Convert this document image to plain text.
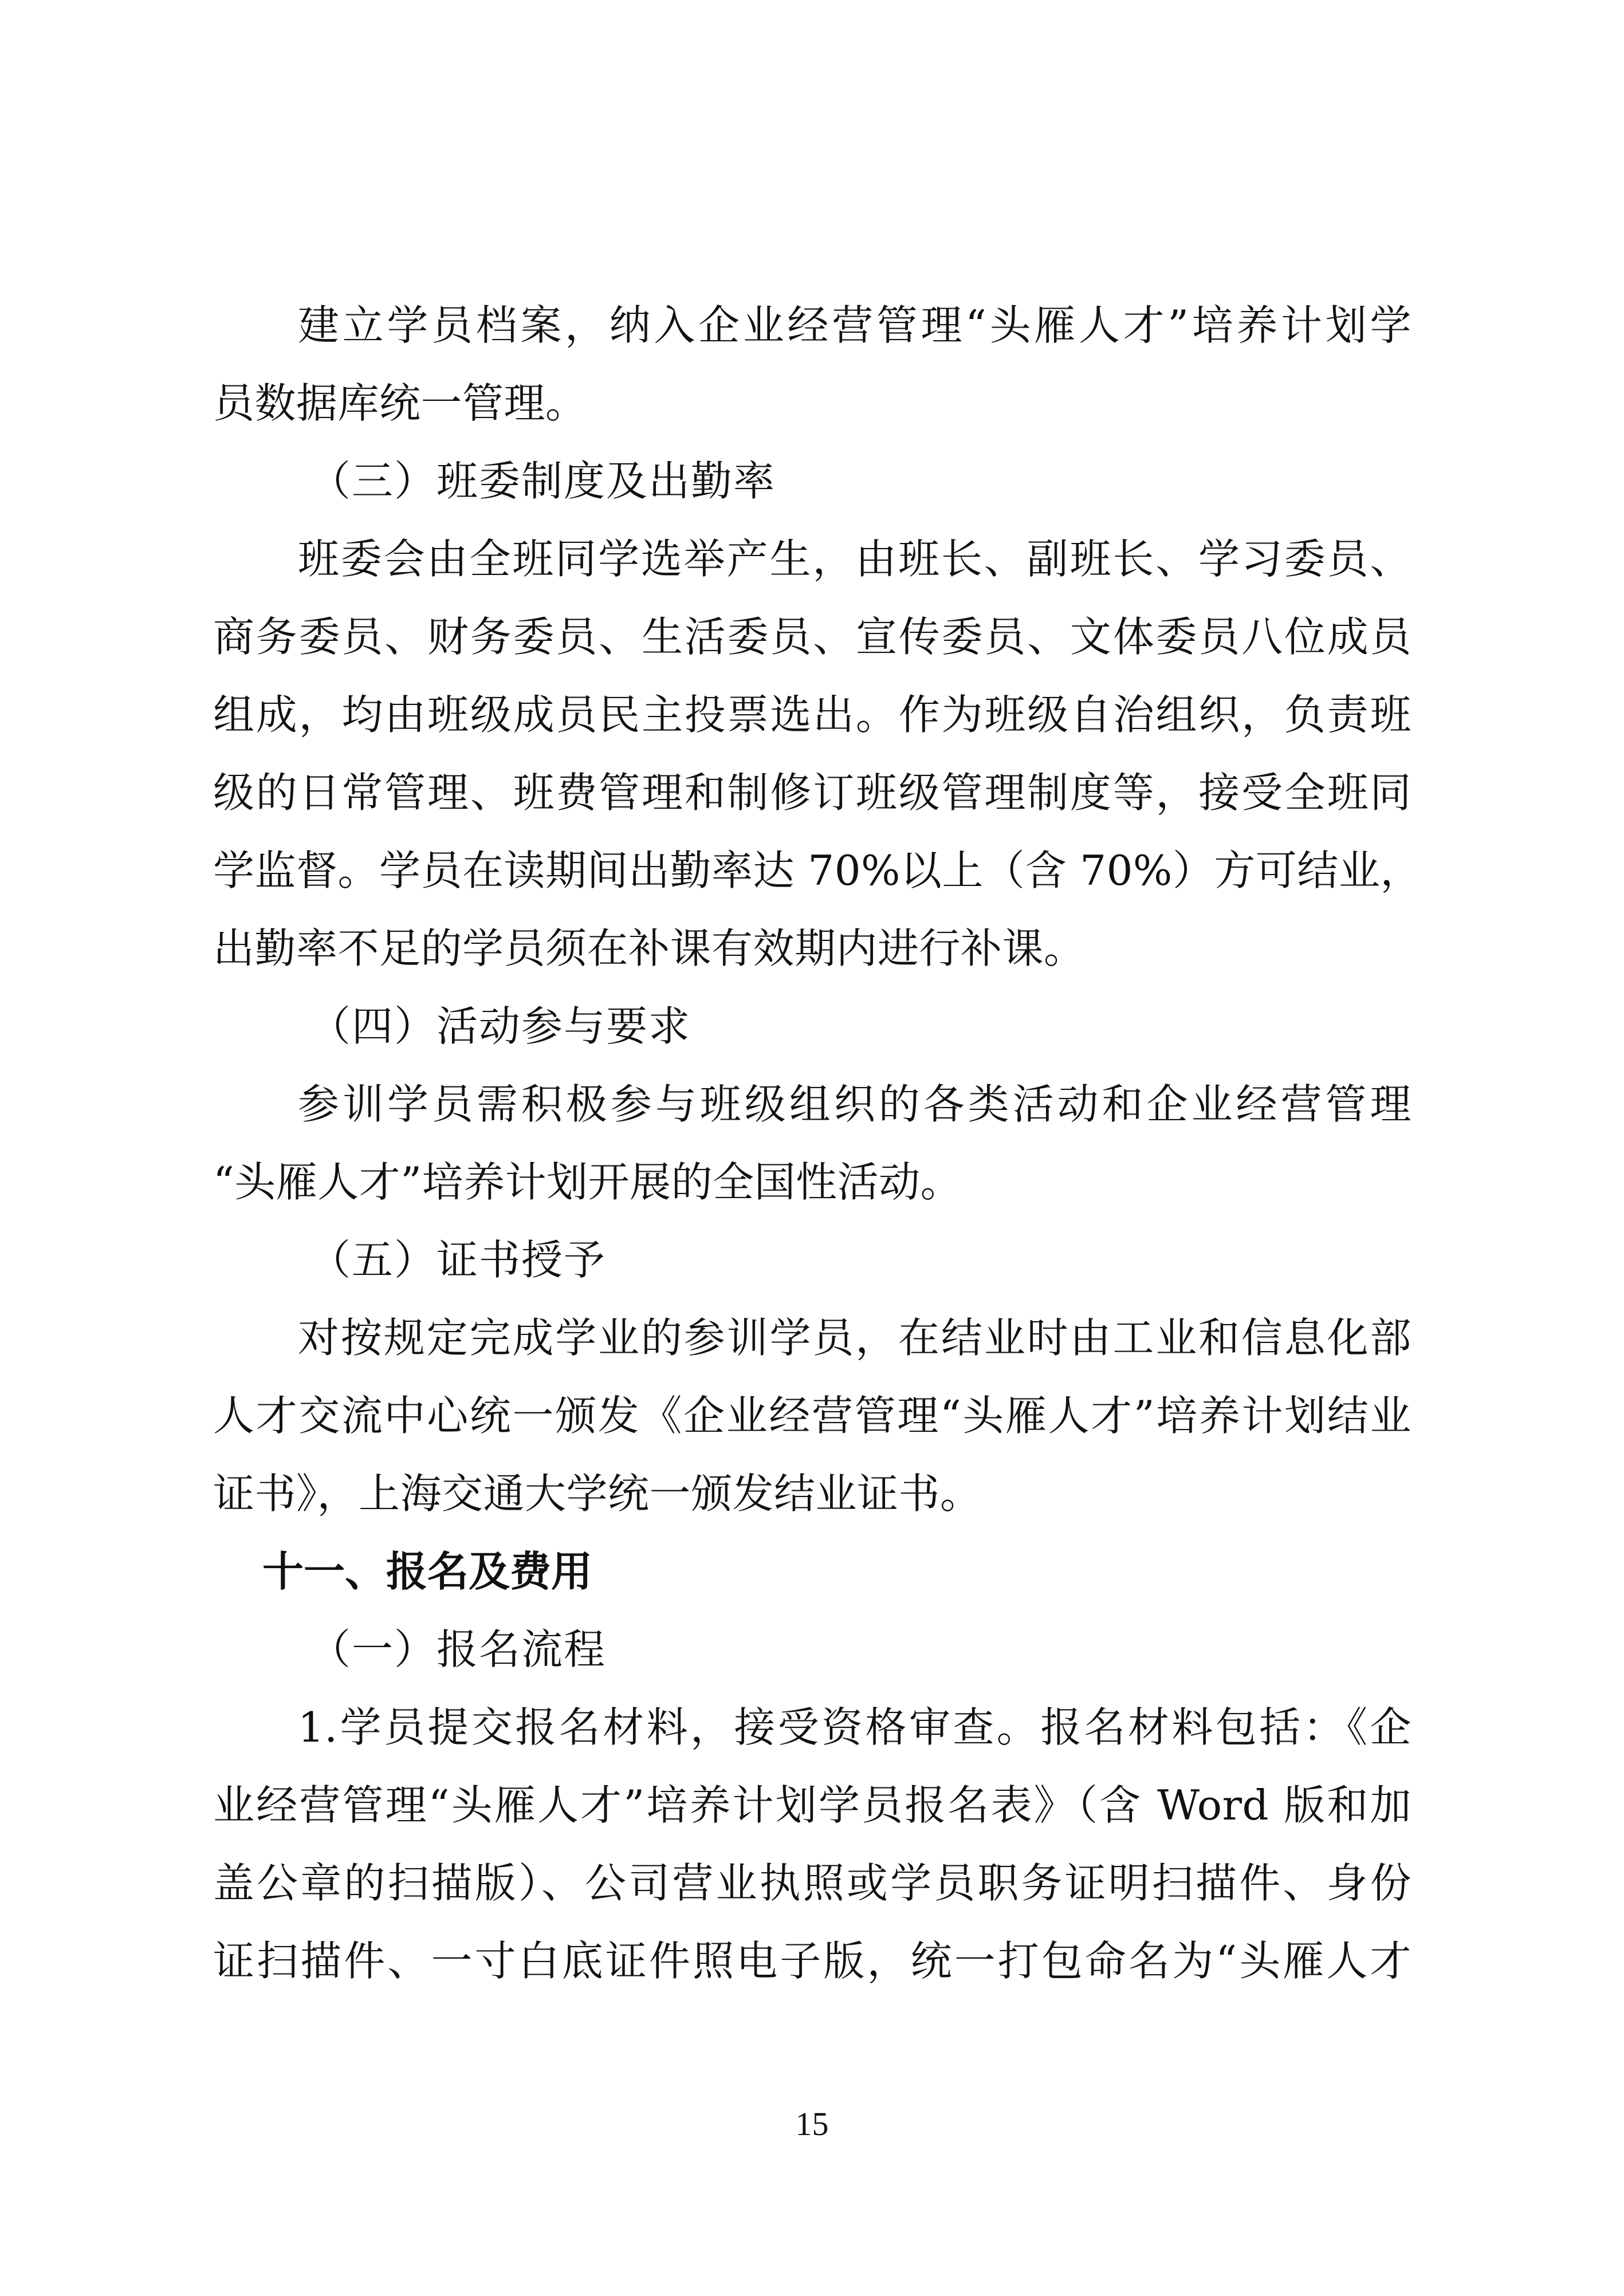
建立学员档案，纳入企业经营管理“头雁人才”培养计划学
员数据库统一管理。
（三）班委制度及出勤率
班委会由全班同学选举产生，由班长、副班长、学习委员、
商务委员、财务委员、生活委员、宣传委员、文体委员八位成员
组成，均由班级成员民主投票选出。作为班级自治组织，负责班
级的日常管理、班费管理和制修订班级管理制度等，接受全班同
学监督。学员在读期间出勤率达 70%以上（含 70%）方可结业，
出勤率不足的学员须在补课有效期内进行补课。
（四）活动参与要求
参训学员需积极参与班级组织的各类活动和企业经营管理
“头雁人才”培养计划开展的全国性活动。
（五）证书授予
对按规定完成学业的参训学员，在结业时由工业和信息化部
人才交流中心统一颁发《企业经营管理“头雁人才”培养计划结业
证书》，上海交通大学统一颁发结业证书。
十一、报名及费用
（一）报名流程
1.学员提交报名材料，接受资格审查。报名材料包括：《企
业经营管理“头雁人才”培养计划学员报名表》（含 Word 版和加
盖公章的扫描版）、公司营业执照或学员职务证明扫描件、身份
证扫描件、一寸白底证件照电子版，统一打包命名为“头雁人才
15
